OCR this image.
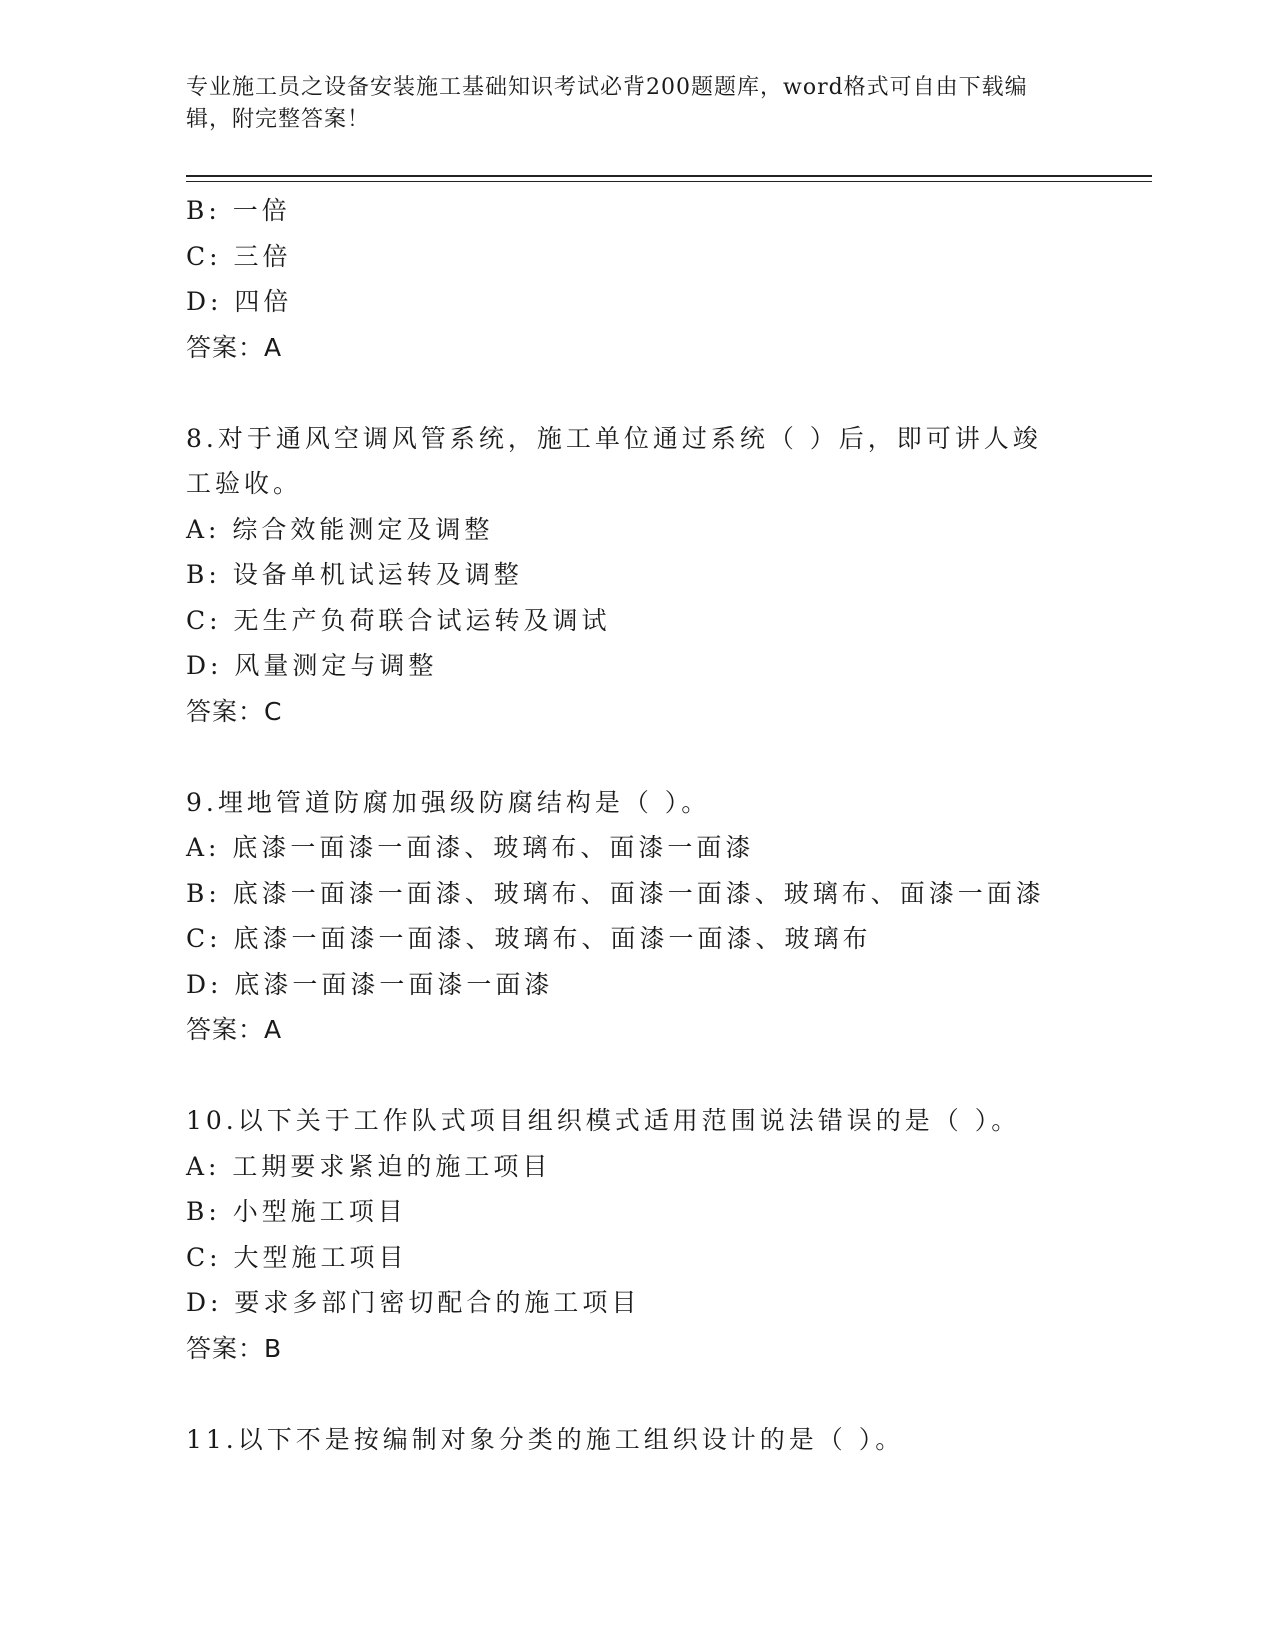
专业施工员之设备安装施工基础知识考试必背200题题库，word格式可自由下载编辑，附完整答案！
B: 一倍
C: 三倍
D: 四倍
答案：A
8.对于通风空调风管系统，施工单位通过系统（ ）后，即可讲人竣工验收。
A: 综合效能测定及调整
B: 设备单机试运转及调整
C: 无生产负荷联合试运转及调试
D: 风量测定与调整
答案：C
9.埋地管道防腐加强级防腐结构是（ ）。
A: 底漆一面漆一面漆、玻璃布、面漆一面漆
B: 底漆一面漆一面漆、玻璃布、面漆一面漆、玻璃布、面漆一面漆
C: 底漆一面漆一面漆、玻璃布、面漆一面漆、玻璃布
D: 底漆一面漆一面漆一面漆
答案：A
10.以下关于工作队式项目组织模式适用范围说法错误的是（ ）。
A: 工期要求紧迫的施工项目
B: 小型施工项目
C: 大型施工项目
D: 要求多部门密切配合的施工项目
答案：B
11.以下不是按编制对象分类的施工组织设计的是（ ）。
